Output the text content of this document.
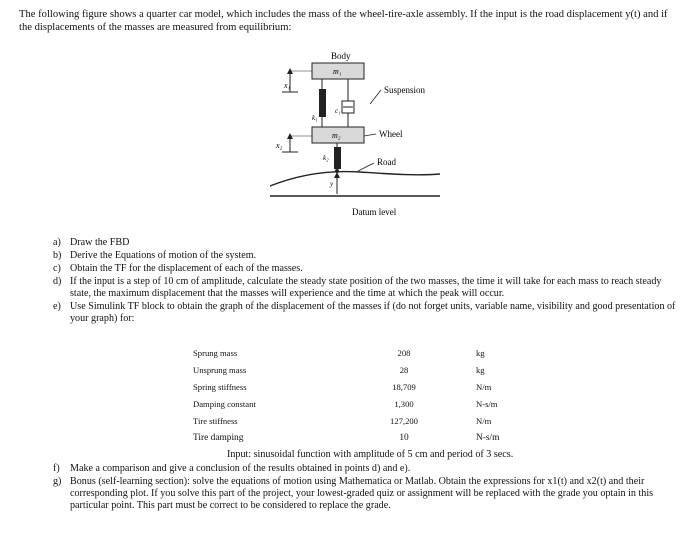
The following figure shows a quarter car model, which includes the mass of the wheel-tire-axle assembly. If the input is the road displacement y(t) and if the displacements of the masses are measured from equilibrium:
Body
m₁
Suspension
x₁
k₁
c₁
m₂	Wheel
x₂
k₂	Road
y
Datum level
a) Draw the FBD
b) Derive the Equations of motion of the system.
c) Obtain the TF for the displacement of each of the masses.
d) If the input is a step of 10 cm of amplitude, calculate the steady state position of the two masses, the time it will take for each mass to reach steady state, the maximum displacement that the masses will experience and the time at which the peak will occur.
e) Use Simulink TF block to obtain the graph of the displacement of the masses if (do not forget units, variable name, visibility and good presentation of your graph) for:
Sprung mass	208	kg
Unsprung mass	28	kg
Spring stiffness	18,709	N/m
Damping constant	1,300	N-s/m
Tire stiffness	127,200	N/m
Tire damping	10	N-s/m
Input: sinusoidal function with amplitude of 5 cm and period of 3 secs.
f) Make a comparison and give a conclusion of the results obtained in points d) and e).
g) Bonus (self-learning section): solve the equations of motion using Mathematica or Matlab. Obtain the expressions for x1(t) and x2(t) and their corresponding plot. If you solve this part of the project, your lowest-graded quiz or assignment will be replaced with the grade you optain in this particular point. This part must be correct to be considered to replace the grade.
